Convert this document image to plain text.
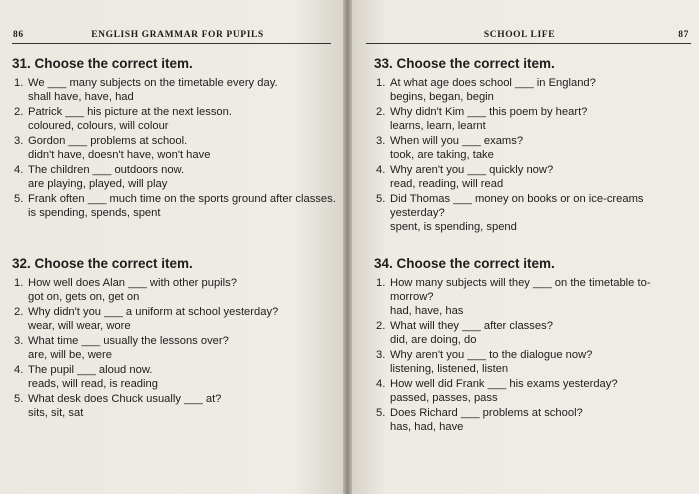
86	ENGLISH GRAMMAR FOR PUPILS
31. Choose the correct item.
1. We ___ many subjects on the timetable every day.
shall have, have, had
2. Patrick ___ his picture at the next lesson.
coloured, colours, will colour
3. Gordon ___ problems at school.
didn't have, doesn't have, won't have
4. The children ___ outdoors now.
are playing, played, will play
5. Frank often ___ much time on the sports ground after classes.
is spending, spends, spent
32. Choose the correct item.
1. How well does Alan ___ with other pupils?
got on, gets on, get on
2. Why didn't you ___ a uniform at school yesterday?
wear, will wear, wore
3. What time ___ usually the lessons over?
are, will be, were
4. The pupil ___ aloud now.
reads, will read, is reading
5. What desk does Chuck usually ___ at?
sits, sit, sat
SCHOOL LIFE	87
33. Choose the correct item.
1. At what age does school ___ in England?
begins, began, begin
2. Why didn't Kim ___ this poem by heart?
learns, learn, learnt
3. When will you ___ exams?
took, are taking, take
4. Why aren't you ___ quickly now?
read, reading, will read
5. Did Thomas ___ money on books or on ice-creams yesterday?
spent, is spending, spend
34. Choose the correct item.
1. How many subjects will they ___ on the timetable to-morrow?
had, have, has
2. What will they ___ after classes?
did, are doing, do
3. Why aren't you ___ to the dialogue now?
listening, listened, listen
4. How well did Frank ___ his exams yesterday?
passed, passes, pass
5. Does Richard ___ problems at school?
has, had, have
